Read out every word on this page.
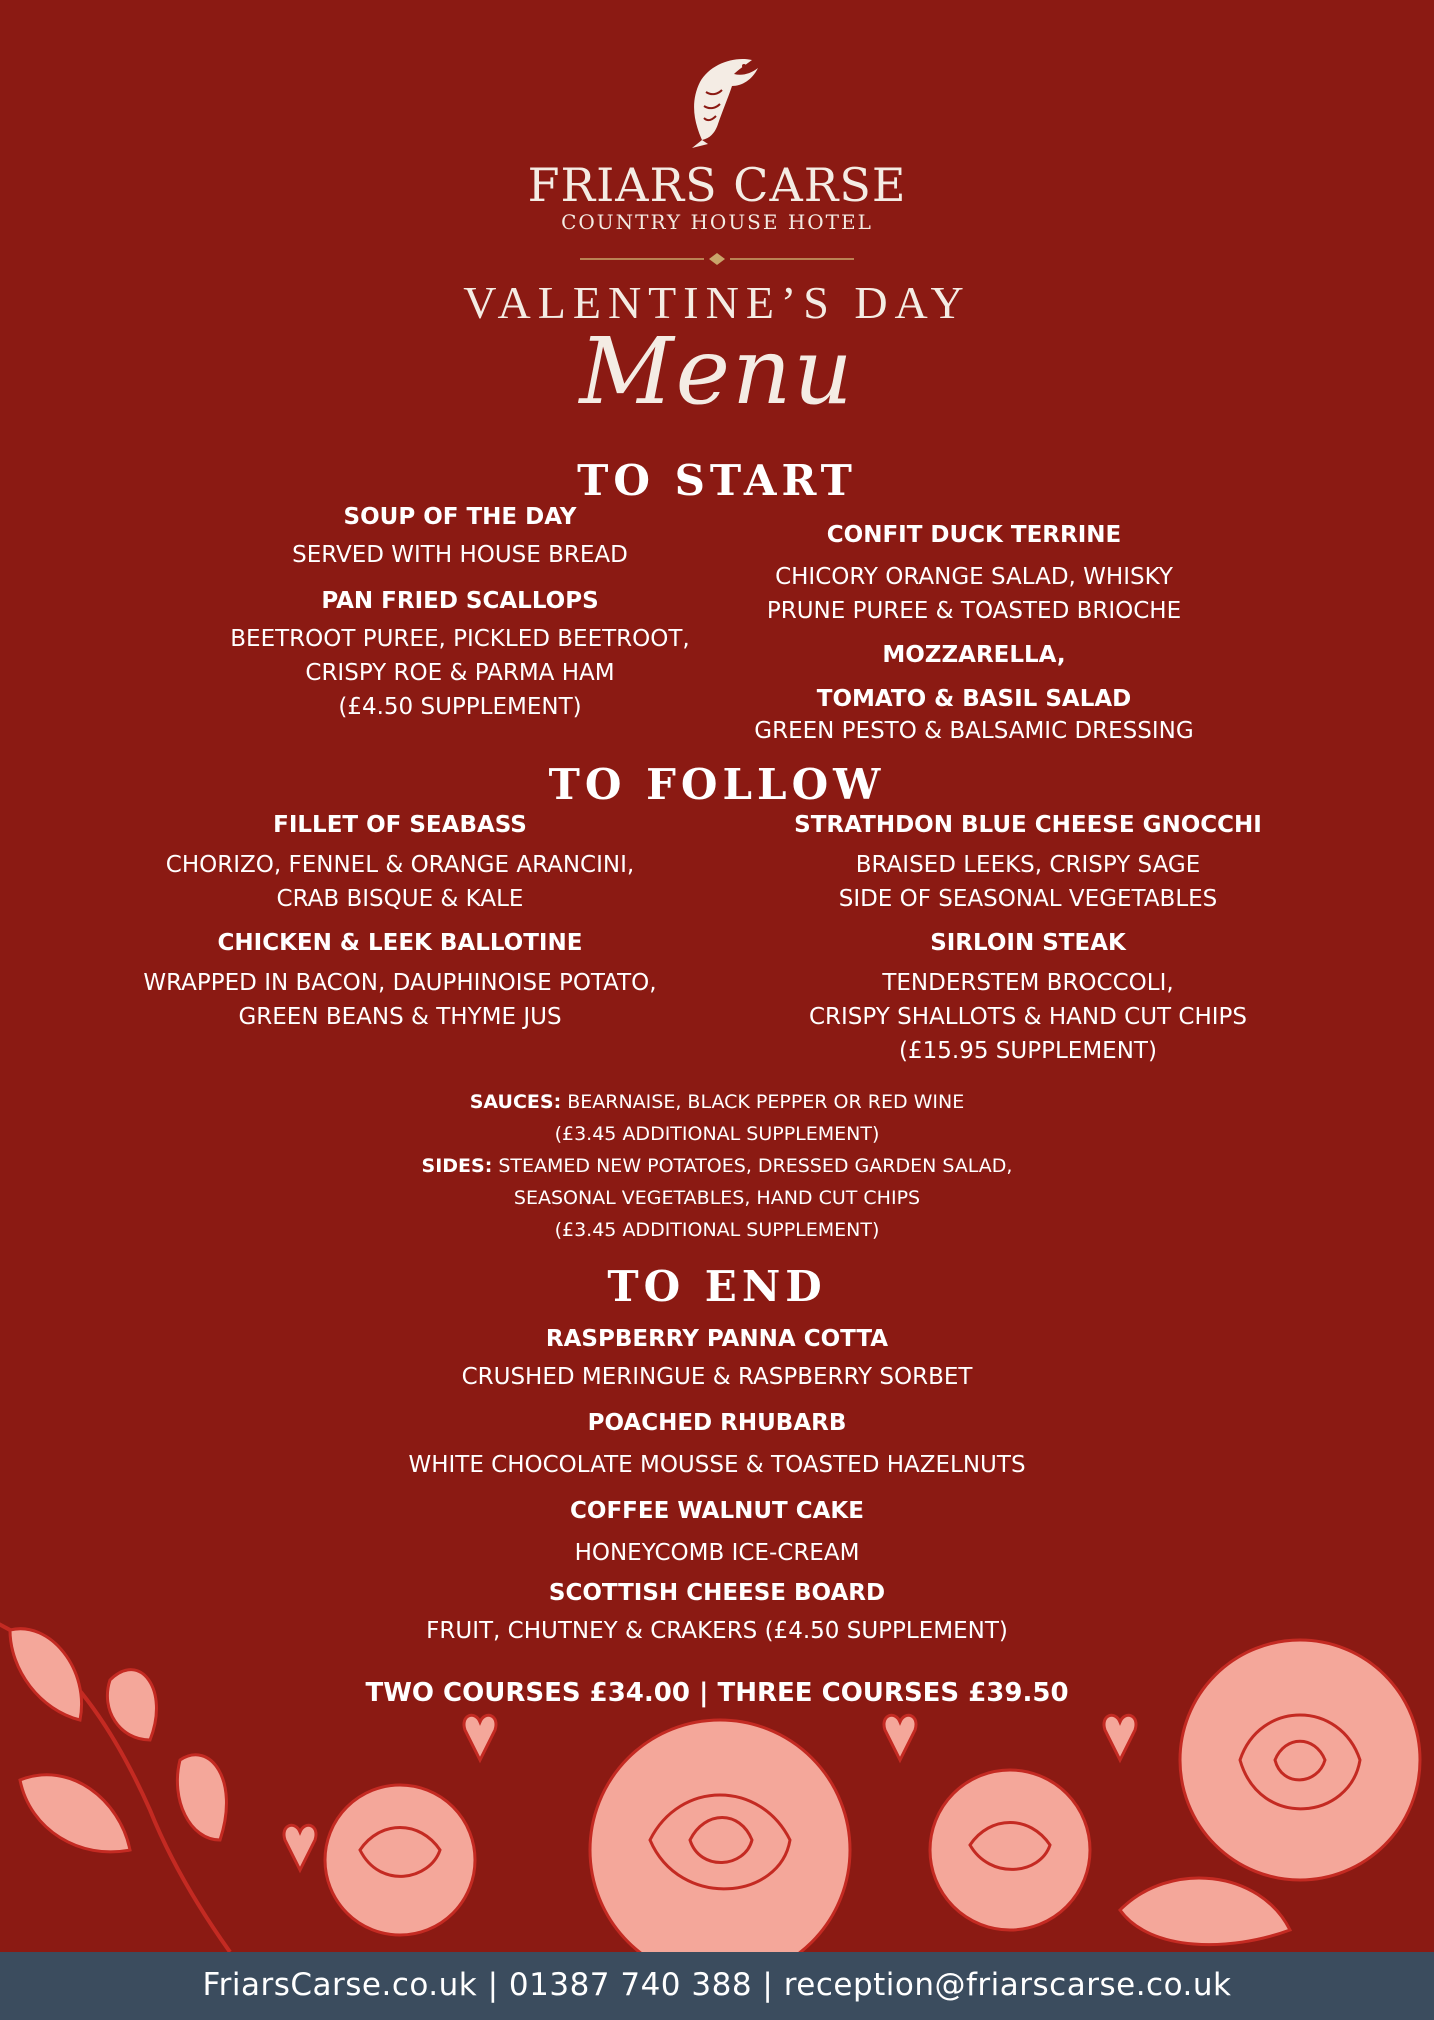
FRIARS CARSE
COUNTRY HOUSE HOTEL
VALENTINE’S DAY
Menu
TO START
SOUP OF THE DAY
SERVED WITH HOUSE BREAD
PAN FRIED SCALLOPS
BEETROOT PUREE, PICKLED BEETROOT,
CRISPY ROE & PARMA HAM
(£4.50 SUPPLEMENT)
CONFIT DUCK TERRINE
CHICORY ORANGE SALAD, WHISKY
PRUNE PUREE & TOASTED BRIOCHE
MOZZARELLA,
TOMATO & BASIL SALAD
GREEN PESTO & BALSAMIC DRESSING
TO FOLLOW
FILLET OF SEABASS
CHORIZO, FENNEL & ORANGE ARANCINI,
CRAB BISQUE & KALE
CHICKEN & LEEK BALLOTINE
WRAPPED IN BACON, DAUPHINOISE POTATO,
GREEN BEANS & THYME JUS
STRATHDON BLUE CHEESE GNOCCHI
BRAISED LEEKS, CRISPY SAGE
SIDE OF SEASONAL VEGETABLES
SIRLOIN STEAK
TENDERSTEM BROCCOLI,
CRISPY SHALLOTS & HAND CUT CHIPS
(£15.95 SUPPLEMENT)
SAUCES: BEARNAISE, BLACK PEPPER OR RED WINE
(£3.45 ADDITIONAL SUPPLEMENT)
SIDES: STEAMED NEW POTATOES, DRESSED GARDEN SALAD,
SEASONAL VEGETABLES, HAND CUT CHIPS
(£3.45 ADDITIONAL SUPPLEMENT)
TO END
RASPBERRY PANNA COTTA
CRUSHED MERINGUE & RASPBERRY SORBET
POACHED RHUBARB
WHITE CHOCOLATE MOUSSE & TOASTED HAZELNUTS
COFFEE WALNUT CAKE
HONEYCOMB ICE-CREAM
SCOTTISH CHEESE BOARD
FRUIT, CHUTNEY & CRAKERS (£4.50 SUPPLEMENT)
TWO COURSES £34.00 | THREE COURSES £39.50
FriarsCarse.co.uk | 01387 740 388 | reception@friarscarse.co.uk
